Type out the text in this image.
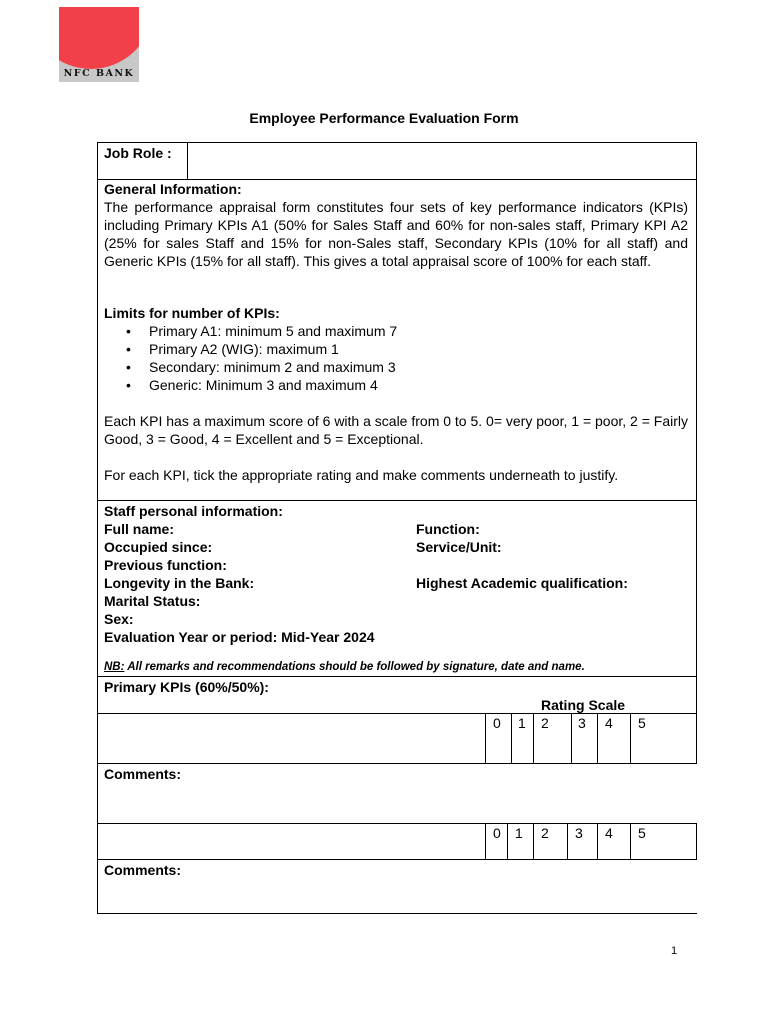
NFC BANK
Employee Performance Evaluation Form
Job Role :
General Information:
The performance appraisal form constitutes four sets of key performance indicators (KPIs) including Primary KPIs A1 (50% for Sales Staff and 60% for non-sales staff, Primary KPI A2 (25% for sales Staff and 15% for non-Sales staff, Secondary KPIs (10% for all staff) and Generic KPIs (15% for all staff). This gives a total appraisal score of 100% for each staff.
Limits for number of KPIs:
• Primary A1: minimum 5 and maximum 7
• Primary A2 (WIG): maximum 1
• Secondary: minimum 2 and maximum 3
• Generic: Minimum 3 and maximum 4
Each KPI has a maximum score of 6 with a scale from 0 to 5. 0= very poor, 1 = poor, 2 = Fairly Good, 3 = Good, 4 = Excellent and 5 = Exceptional.
For each KPI, tick the appropriate rating and make comments underneath to justify.
Staff personal information:
Full name:	Function:
Occupied since:	Service/Unit:
Previous function:
Longevity in the Bank:	Highest Academic qualification:
Marital Status:
Sex:
Evaluation Year or period: Mid-Year 2024
NB: All remarks and recommendations should be followed by signature, date and name.
Primary KPIs (60%/50%):
Rating Scale
0 1 2 3 4 5
Comments:
0 1 2 3 4 5
Comments:
1
